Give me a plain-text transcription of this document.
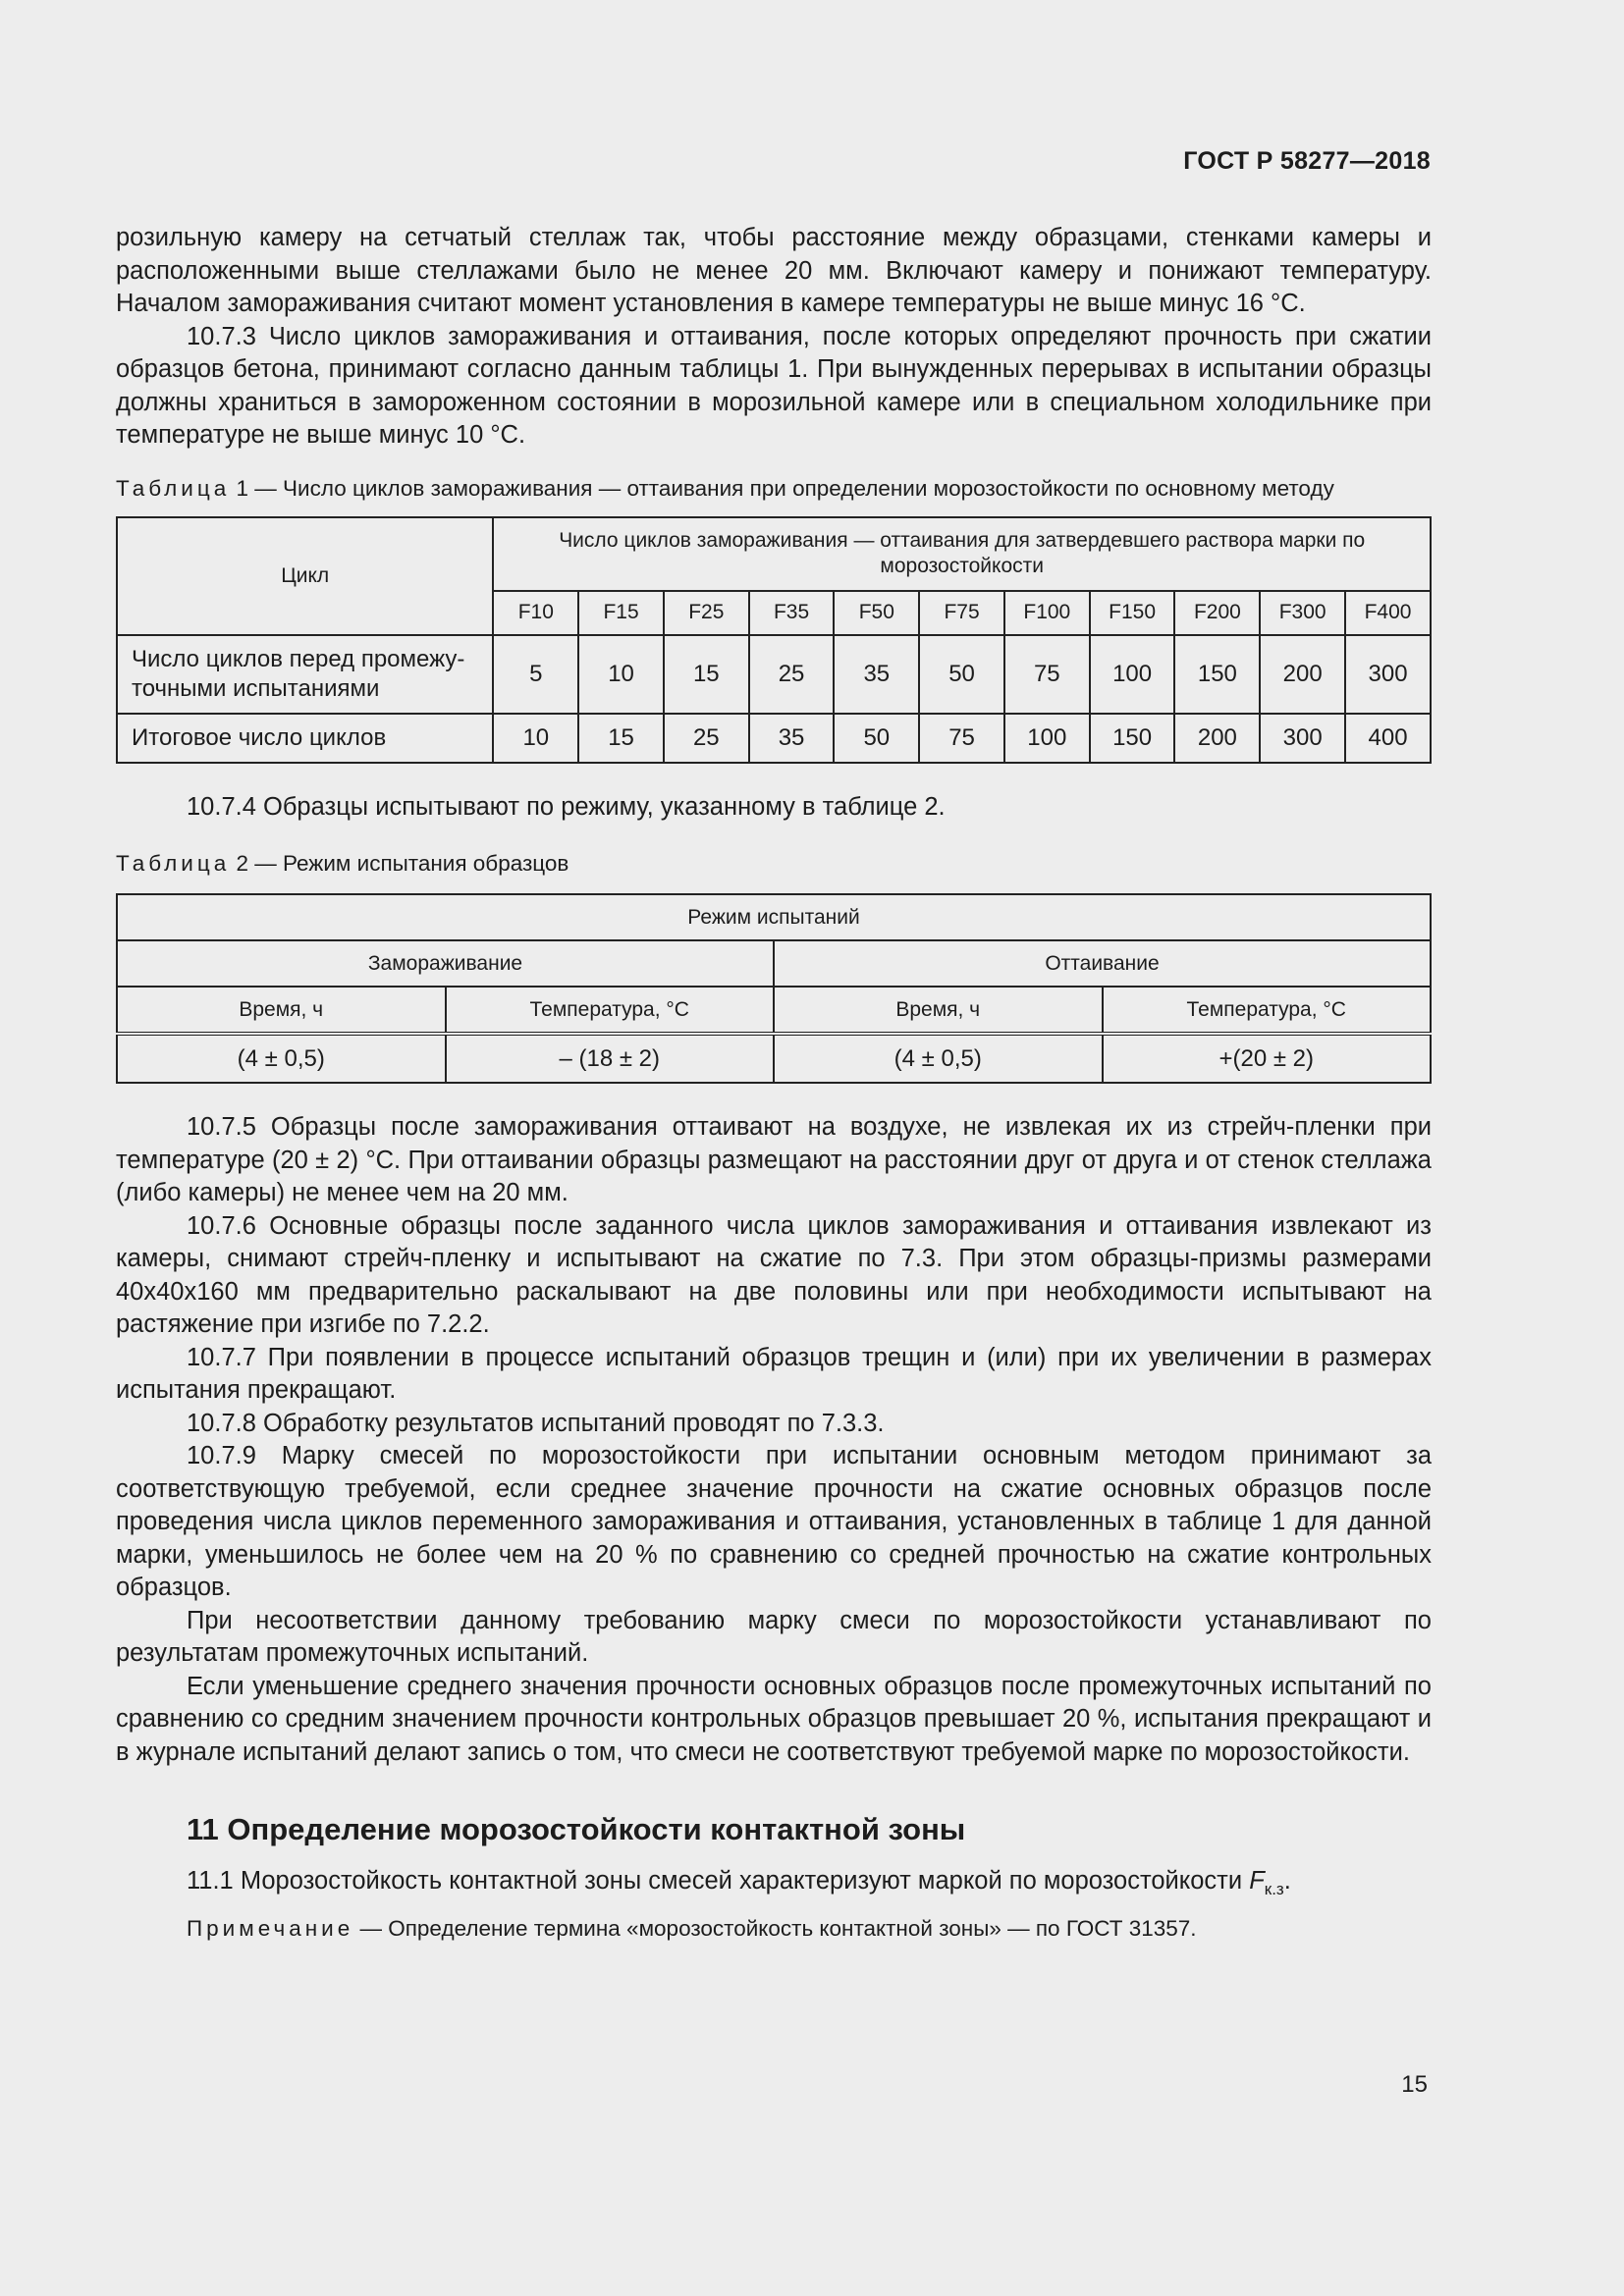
ГОСТ Р 58277—2018

розильную камеру на сетчатый стеллаж так, чтобы расстояние между образцами, стенками камеры и расположенными выше стеллажами было не менее 20 мм. Включают камеру и понижают температуру. Началом замораживания считают момент установления в камере температуры не выше минус 16 °С.

10.7.3 Число циклов замораживания и оттаивания, после которых определяют прочность при сжатии образцов бетона, принимают согласно данным таблицы 1. При вынужденных перерывах в испытании образцы должны храниться в замороженном состоянии в морозильной камере или в специальном холодильнике при температуре не выше минус 10 °С.

Таблица 1 — Число циклов замораживания — оттаивания при определении морозостойкости по основному методу

Цикл	Число циклов замораживания — оттаивания для затвердевшего раствора марки по морозостойкости										
	F10	F15	F25	F35	F50	F75	F100	F150	F200	F300	F400
Число циклов перед промежу-точными испытаниями	5	10	15	25	35	50	75	100	150	200	300
Итоговое число циклов	10	15	25	35	50	75	100	150	200	300	400

10.7.4 Образцы испытывают по режиму, указанному в таблице 2.

Таблица 2 — Режим испытания образцов

Режим испытаний			
Замораживание		Оттаивание	
Время, ч	Температура, °С	Время, ч	Температура, °С
(4 ± 0,5)	– (18 ± 2)	(4 ± 0,5)	+(20 ± 2)

10.7.5 Образцы после замораживания оттаивают на воздухе, не извлекая их из стрейч-пленки при температуре (20 ± 2) °С. При оттаивании образцы размещают на расстоянии друг от друга и от стенок стеллажа (либо камеры) не менее чем на 20 мм.

10.7.6 Основные образцы после заданного числа циклов замораживания и оттаивания извлекают из камеры, снимают стрейч-пленку и испытывают на сжатие по 7.3. При этом образцы-призмы размерами 40х40х160 мм предварительно раскалывают на две половины или при необходимости испытывают на растяжение при изгибе по 7.2.2.

10.7.7 При появлении в процессе испытаний образцов трещин и (или) при их увеличении в размерах испытания прекращают.

10.7.8 Обработку результатов испытаний проводят по 7.3.3.

10.7.9 Марку смесей по морозостойкости при испытании основным методом принимают за соответствующую требуемой, если среднее значение прочности на сжатие основных образцов после проведения числа циклов переменного замораживания и оттаивания, установленных в таблице 1 для данной марки, уменьшилось не более чем на 20 % по сравнению со средней прочностью на сжатие контрольных образцов.

При несоответствии данному требованию марку смеси по морозостойкости устанавливают по результатам промежуточных испытаний.

Если уменьшение среднего значения прочности основных образцов после промежуточных испытаний по сравнению со средним значением прочности контрольных образцов превышает 20 %, испытания прекращают и в журнале испытаний делают запись о том, что смеси не соответствуют требуемой марке по морозостойкости.

11 Определение морозостойкости контактной зоны

11.1 Морозостойкость контактной зоны смесей характеризуют маркой по морозостойкости $F_{к.з}$.

Примечание — Определение термина «морозостойкость контактной зоны» — по ГОСТ 31357.

15
